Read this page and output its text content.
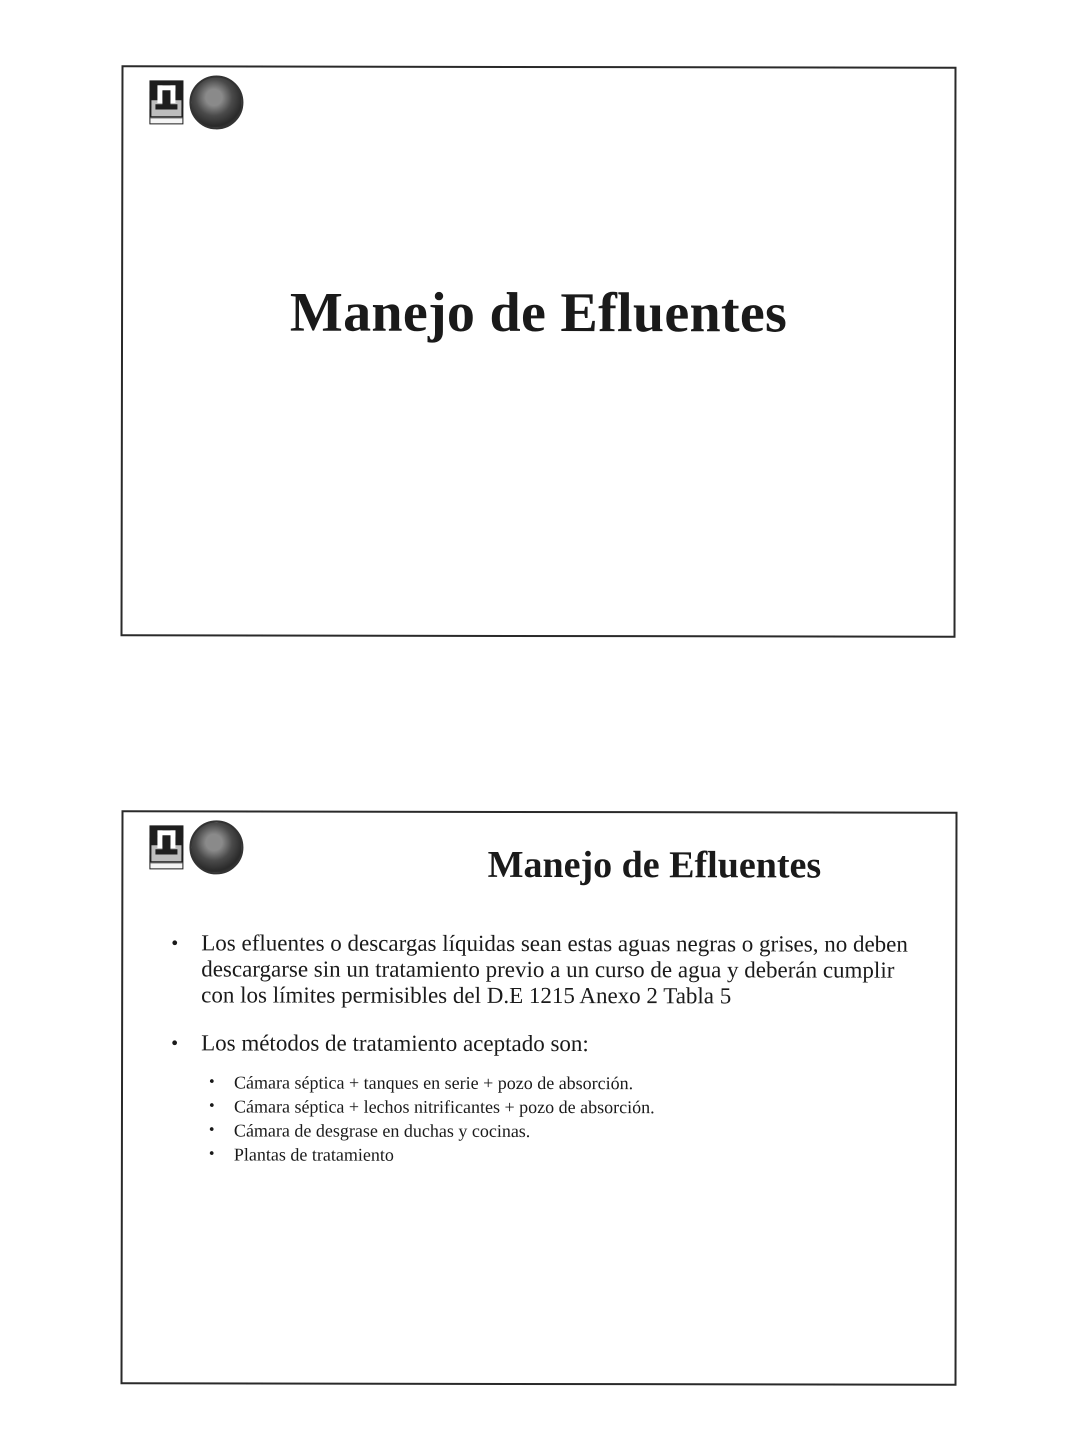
Manejo de Efluentes
Manejo de Efluentes
• Los efluentes o descargas líquidas sean estas aguas negras o grises, no deben descargarse sin un tratamiento previo a un curso de agua y deberán cumplir con los límites permisibles del D.E 1215 Anexo 2 Tabla 5
• Los métodos de tratamiento aceptado son:
• Cámara séptica + tanques en serie + pozo de absorción.
• Cámara séptica + lechos nitrificantes + pozo de absorción.
• Cámara de desgrase en duchas y cocinas.
• Plantas de tratamiento
